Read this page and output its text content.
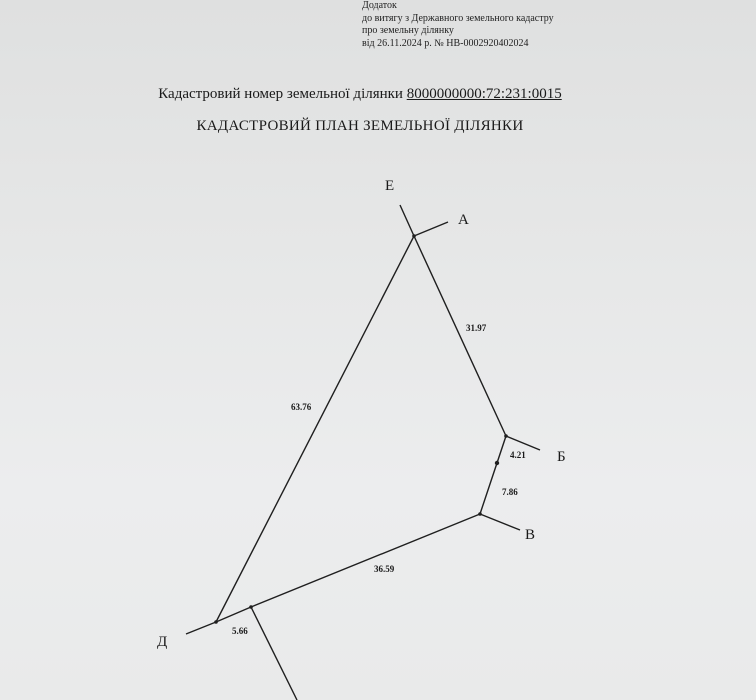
Додаток
до витягу з Державного земельного кадастру
про земельну ділянку
від 26.11.2024 р. № НВ-0002920402024
Кадастровий номер земельної ділянки 8000000000:72:231:0015
КАДАСТРОВИЙ ПЛАН ЗЕМЕЛЬНОЇ ДІЛЯНКИ
Е
А
Б
В
Д
31.97
4.21
7.86
36.59
63.76
5.66
